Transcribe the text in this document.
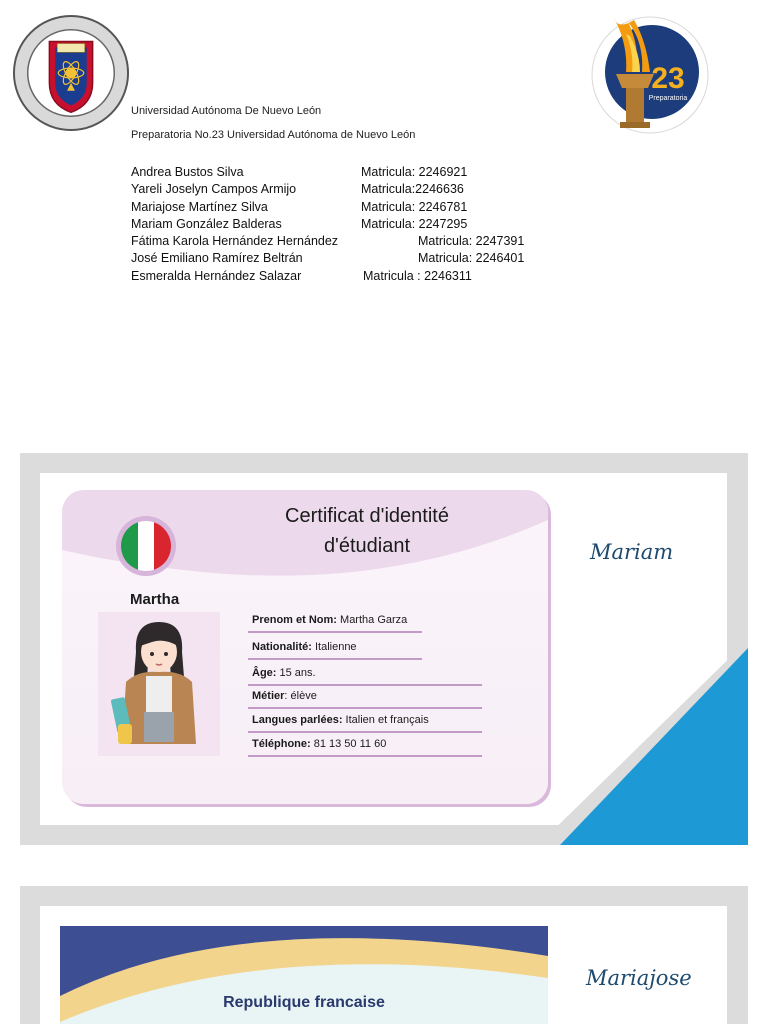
Universidad Autónoma De Nuevo León
Preparatoria No.23 Universidad Autónoma de Nuevo León
23
Preparatoria
Andrea Bustos Silva	Matricula: 2246921
Yareli Joselyn Campos Armijo	Matricula:2246636
Mariajose Martínez Silva	Matricula: 2246781
Mariam González Balderas	Matricula: 2247295
Fátima Karola Hernández Hernández	Matricula: 2247391
José Emiliano Ramírez Beltrán	Matricula: 2246401
Esmeralda Hernández Salazar	Matricula : 2246311
Certificat d'identité
d'étudiant
Martha
Prenom et Nom: Martha Garza
Nationalité: Italienne
Âge: 15 ans.
Métier: élève
Langues parlées: Italien et français
Téléphone: 81 13 50 11 60
Mariam
Republique francaise
Mariajose
